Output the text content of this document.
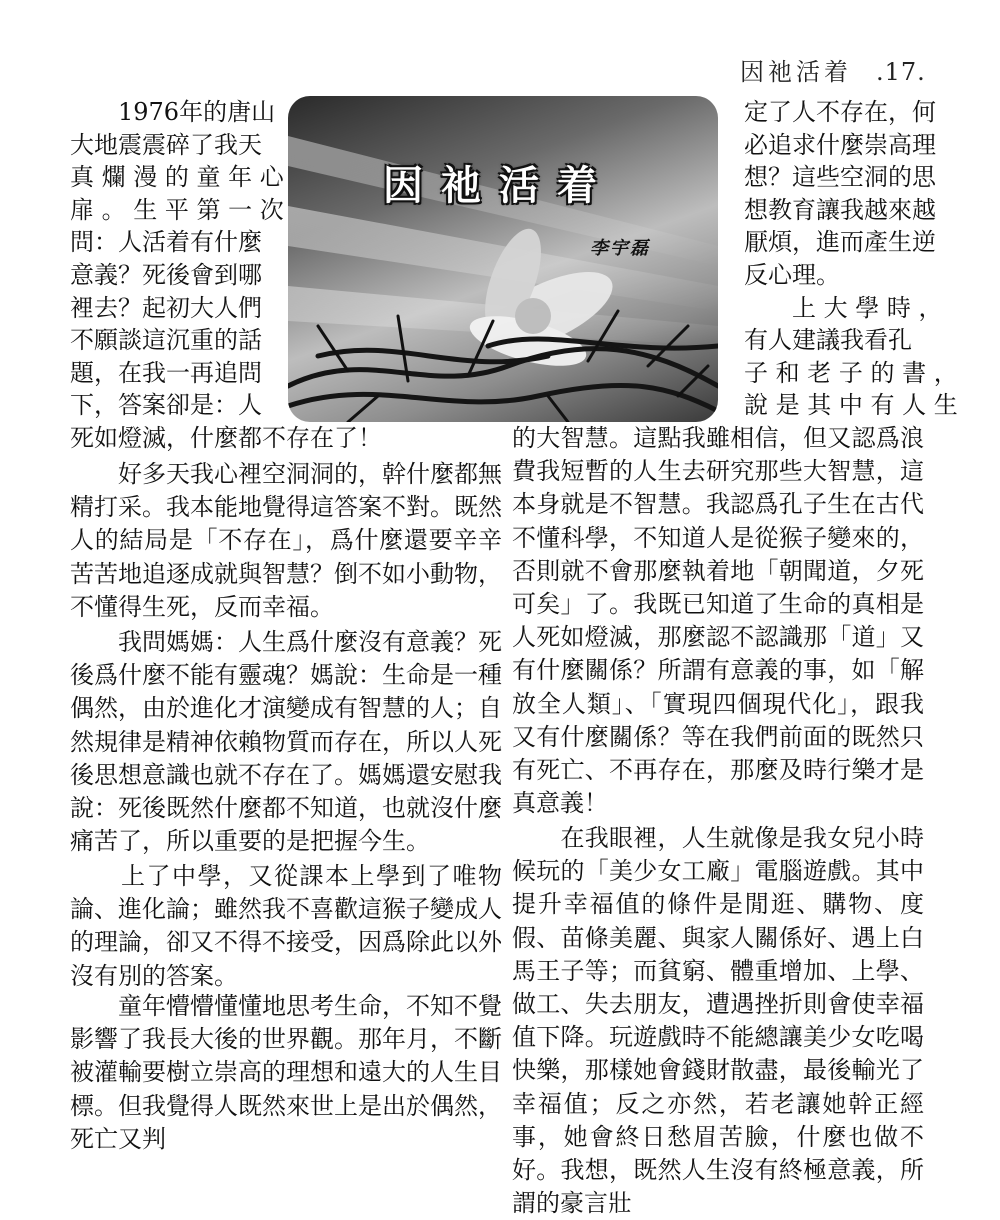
因祂活着 .17.
因祂活着
李宇磊
　　1976年的唐山
大地震震碎了我天
真 爛 漫 的 童 年 心
扉 。 生 平 第 一 次
問：人活着有什麼
意義？死後會到哪
裡去？起初大人們
不願談這沉重的話
題，在我一再追問
下，答案卻是：人

死如燈滅，什麼都不存在了！

　　好多天我心裡空洞洞的，幹什麼都無精打采。我本能地覺得這答案不對。既然人的結局是「不存在」，爲什麼還要辛辛苦苦地追逐成就與智慧？倒不如小動物，不懂得生死，反而幸福。

　　我問媽媽：人生爲什麼沒有意義？死後爲什麼不能有靈魂？媽說：生命是一種偶然，由於進化才演變成有智慧的人；自然規律是精神依賴物質而存在，所以人死後思想意識也就不存在了。媽媽還安慰我說：死後既然什麼都不知道，也就沒什麼痛苦了，所以重要的是把握今生。

　　上了中學，又從課本上學到了唯物論、進化論；雖然我不喜歡這猴子變成人的理論，卻又不得不接受，因爲除此以外沒有別的答案。

　　童年懵懵懂懂地思考生命，不知不覺影響了我長大後的世界觀。那年月，不斷被灌輸要樹立崇高的理想和遠大的人生目標。但我覺得人既然來世上是出於偶然，死亡又判

定了人不存在，何
必追求什麼崇高理
想？這些空洞的思
想教育讓我越來越
厭煩，進而產生逆
反心理。
　　上 大 學 時 ，
有人建議我看孔
子 和 老 子 的 書 ，
說 是 其 中 有 人 生

的大智慧。這點我雖相信，但又認爲浪費我短暫的人生去研究那些大智慧，這本身就是不智慧。我認爲孔子生在古代不懂科學，不知道人是從猴子變來的，否則就不會那麼執着地「朝聞道，夕死可矣」了。我既已知道了生命的真相是人死如燈滅，那麼認不認識那「道」又有什麼關係？所謂有意義的事，如「解放全人類」、「實現四個現代化」，跟我又有什麼關係？等在我們前面的既然只有死亡、不再存在，那麼及時行樂才是真意義！

　　在我眼裡，人生就像是我女兒小時候玩的「美少女工廠」電腦遊戲。其中提升幸福值的條件是閒逛、購物、度假、苗條美麗、與家人關係好、遇上白馬王子等；而貧窮、體重增加、上學、做工、失去朋友，遭遇挫折則會使幸福值下降。玩遊戲時不能總讓美少女吃喝快樂，那樣她會錢財散盡，最後輸光了幸福值；反之亦然，若老讓她幹正經事，她會終日愁眉苦臉，什麼也做不好。我想，既然人生沒有終極意義，所謂的豪言壯
